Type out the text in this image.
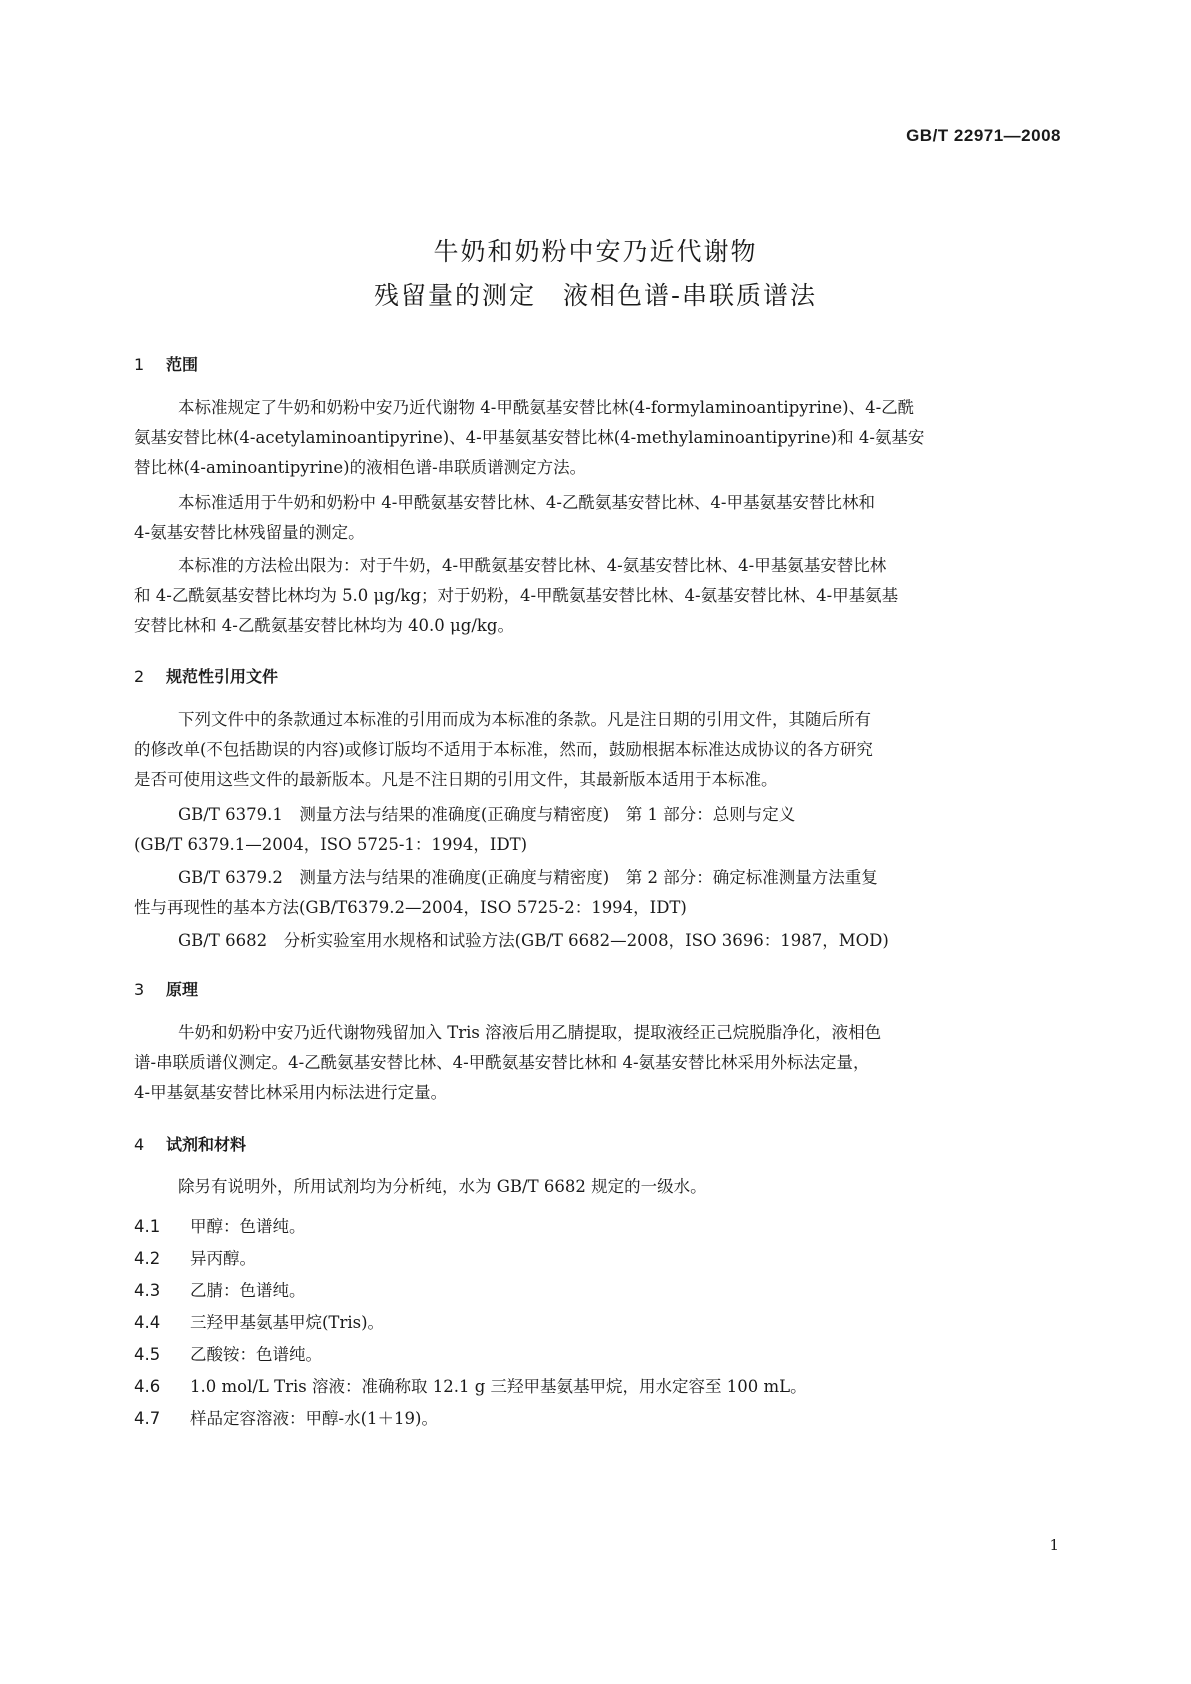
GB/T 22971—2008
牛奶和奶粉中安乃近代谢物
残留量的测定　液相色谱-串联质谱法
1 范围
本标准规定了牛奶和奶粉中安乃近代谢物 4-甲酰氨基安替比林(4-formylaminoantipyrine)、4-乙酰
氨基安替比林(4-acetylaminoantipyrine)、4-甲基氨基安替比林(4-methylaminoantipyrine)和 4-氨基安
替比林(4-aminoantipyrine)的液相色谱-串联质谱测定方法。
本标准适用于牛奶和奶粉中 4-甲酰氨基安替比林、4-乙酰氨基安替比林、4-甲基氨基安替比林和
4-氨基安替比林残留量的测定。
本标准的方法检出限为：对于牛奶，4-甲酰氨基安替比林、4-氨基安替比林、4-甲基氨基安替比林
和 4-乙酰氨基安替比林均为 5.0 μg/kg；对于奶粉，4-甲酰氨基安替比林、4-氨基安替比林、4-甲基氨基
安替比林和 4-乙酰氨基安替比林均为 40.0 μg/kg。
2 规范性引用文件
下列文件中的条款通过本标准的引用而成为本标准的条款。凡是注日期的引用文件，其随后所有
的修改单(不包括勘误的内容)或修订版均不适用于本标准，然而，鼓励根据本标准达成协议的各方研究
是否可使用这些文件的最新版本。凡是不注日期的引用文件，其最新版本适用于本标准。
GB/T 6379.1　测量方法与结果的准确度(正确度与精密度)　第 1 部分：总则与定义
(GB/T 6379.1—2004，ISO 5725-1：1994，IDT)
GB/T 6379.2　测量方法与结果的准确度(正确度与精密度)　第 2 部分：确定标准测量方法重复
性与再现性的基本方法(GB/T6379.2—2004，ISO 5725-2：1994，IDT)
GB/T 6682　分析实验室用水规格和试验方法(GB/T 6682—2008，ISO 3696：1987，MOD)
3 原理
牛奶和奶粉中安乃近代谢物残留加入 Tris 溶液后用乙腈提取，提取液经正己烷脱脂净化，液相色
谱-串联质谱仪测定。4-乙酰氨基安替比林、4-甲酰氨基安替比林和 4-氨基安替比林采用外标法定量，
4-甲基氨基安替比林采用内标法进行定量。
4 试剂和材料
除另有说明外，所用试剂均为分析纯，水为 GB/T 6682 规定的一级水。
4.1 甲醇：色谱纯。
4.2 异丙醇。
4.3 乙腈：色谱纯。
4.4 三羟甲基氨基甲烷(Tris)。
4.5 乙酸铵：色谱纯。
4.6 1.0 mol/L Tris 溶液：准确称取 12.1 g 三羟甲基氨基甲烷，用水定容至 100 mL。
4.7 样品定容溶液：甲醇-水(1＋19)。
1
